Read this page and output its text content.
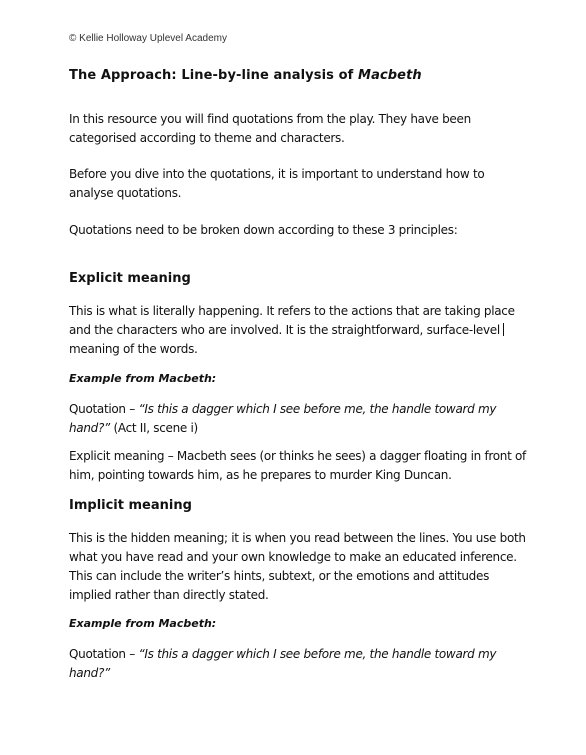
© Kellie Holloway Uplevel Academy
The Approach: Line-by-line analysis of Macbeth

In this resource you will find quotations from the play. They have been categorised according to theme and characters.

Before you dive into the quotations, it is important to understand how to analyse quotations.

Quotations need to be broken down according to these 3 principles:

Explicit meaning

This is what is literally happening. It refers to the actions that are taking place and the characters who are involved. It is the straightforward, surface-level meaning of the words.

Example from Macbeth:

Quotation – “Is this a dagger which I see before me, the handle toward my hand?” (Act II, scene i)

Explicit meaning – Macbeth sees (or thinks he sees) a dagger floating in front of him, pointing towards him, as he prepares to murder King Duncan.

Implicit meaning

This is the hidden meaning; it is when you read between the lines. You use both what you have read and your own knowledge to make an educated inference. This can include the writer’s hints, subtext, or the emotions and attitudes implied rather than directly stated.

Example from Macbeth:

Quotation – “Is this a dagger which I see before me, the handle toward my hand?”
